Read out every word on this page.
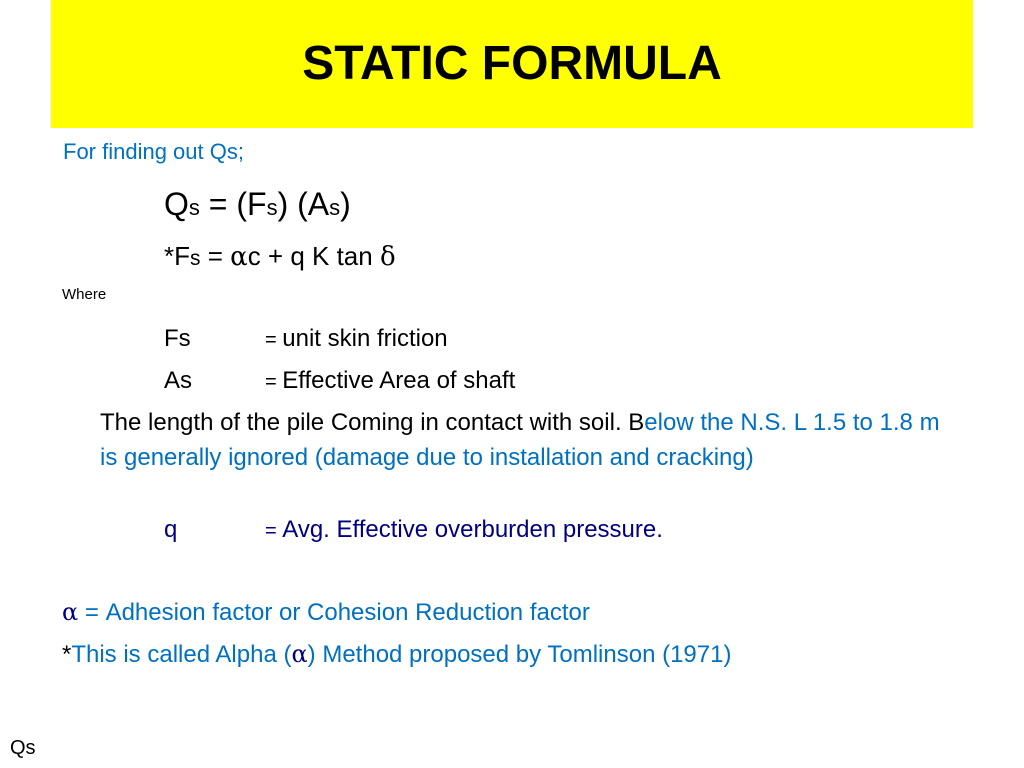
STATIC FORMULA
For finding out Qs;
Qs = (Fs) (As)
*Fs = αc + q K tan δ
Where
Fs	= unit skin friction
As	= Effective Area of shaft
The length of the pile Coming in contact with soil. Below the N.S. L 1.5 to 1.8 m is generally ignored (damage due to installation and cracking)
q	= Avg. Effective overburden pressure.
α = Adhesion factor or Cohesion Reduction factor
*This is called Alpha (α) Method proposed by Tomlinson (1971)
Qs
